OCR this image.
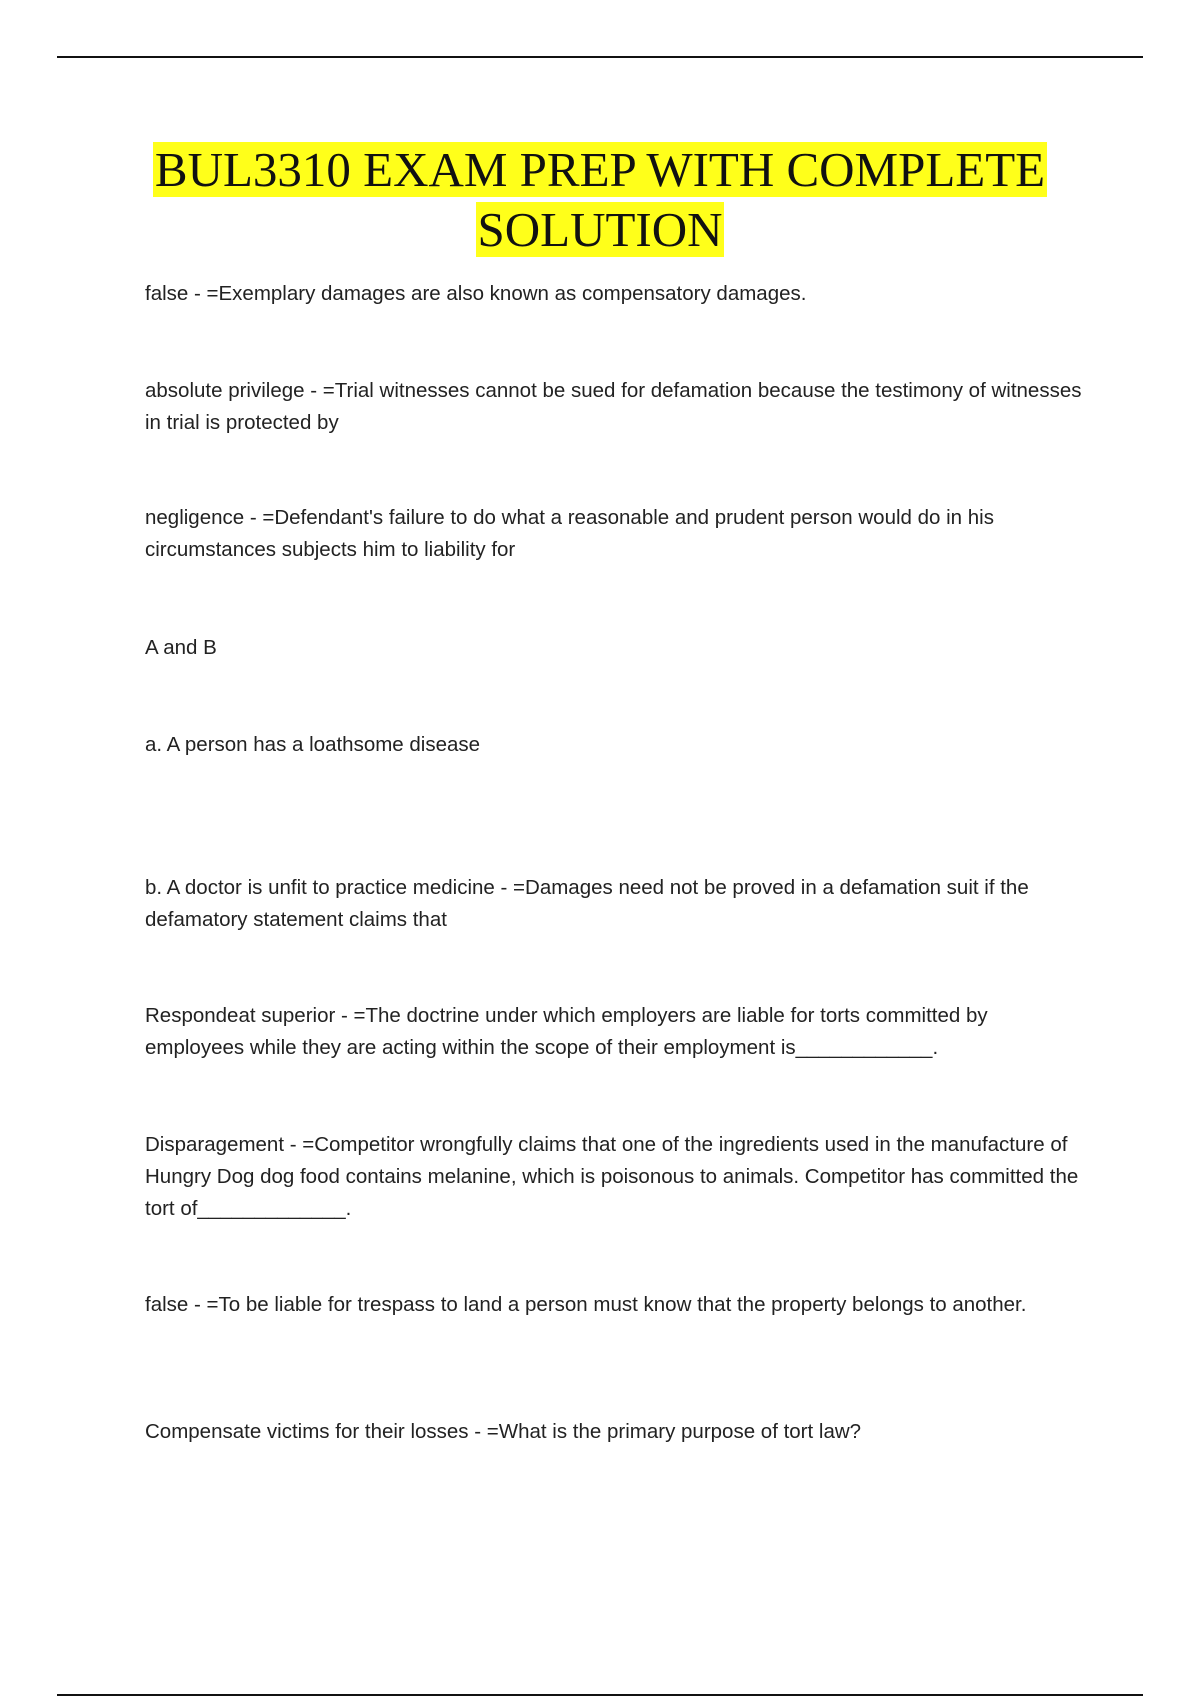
BUL3310 EXAM PREP WITH COMPLETE
SOLUTION
false - =Exemplary damages are also known as compensatory damages.
absolute privilege - =Trial witnesses cannot be sued for defamation because the testimony of witnesses in trial is protected by
negligence - =Defendant's failure to do what a reasonable and prudent person would do in his circumstances subjects him to liability for
A and B
a. A person has a loathsome disease
b. A doctor is unfit to practice medicine - =Damages need not be proved in a defamation suit if the defamatory statement claims that
Respondeat superior - =The doctrine under which employers are liable for torts committed by employees while they are acting within the scope of their employment is____________.
Disparagement - =Competitor wrongfully claims that one of the ingredients used in the manufacture of Hungry Dog dog food contains melanine, which is poisonous to animals. Competitor has committed the tort of_____________.
false - =To be liable for trespass to land a person must know that the property belongs to another.
Compensate victims for their losses - =What is the primary purpose of tort law?
